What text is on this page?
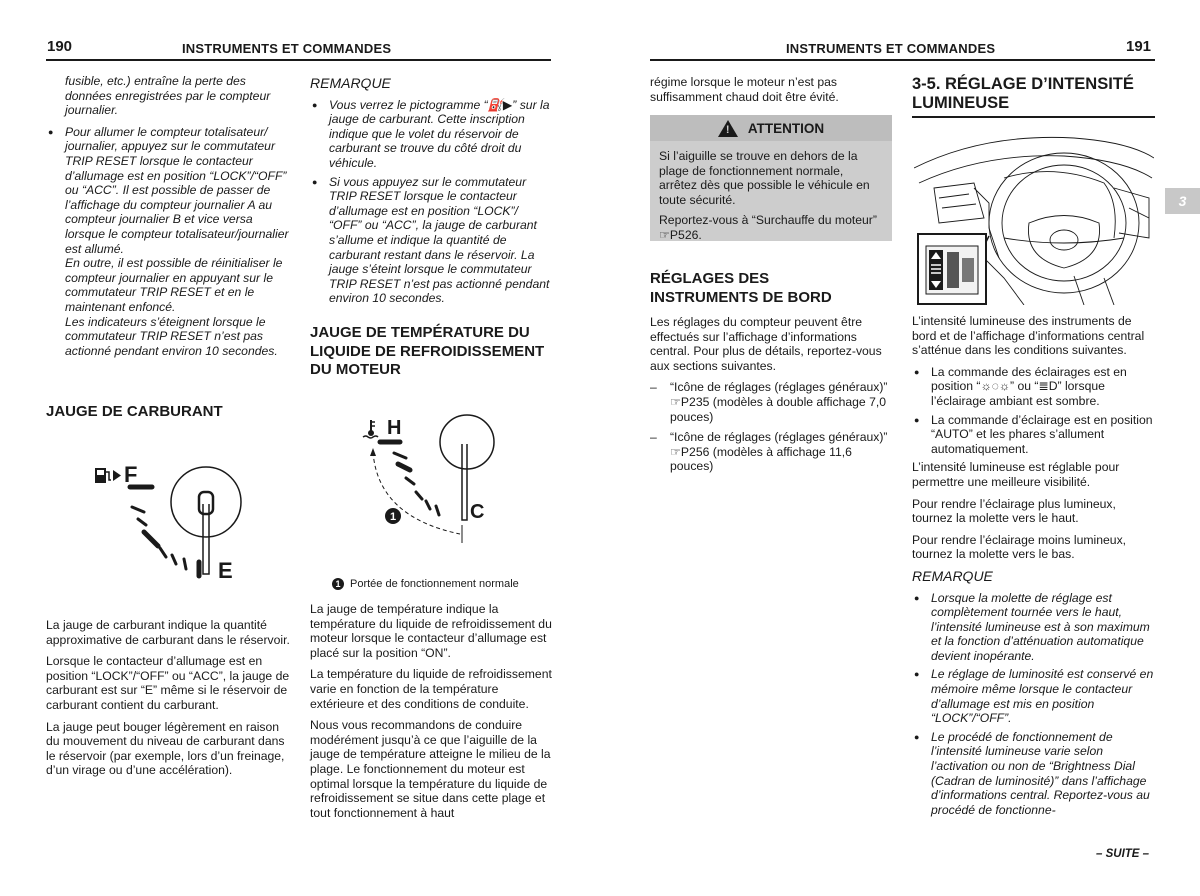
190	INSTRUMENTS ET COMMANDES

fusible, etc.) entraîne la perte des données enregistrées par le compteur journalier.

● Pour allumer le compteur totalisateur/ journalier, appuyez sur le commutateur TRIP RESET lorsque le contacteur d’allumage est en position “LOCK”/“OFF” ou “ACC”. Il est possible de passer de l’affichage du compteur journalier A au compteur journalier B et vice versa lorsque le compteur totalisateur/journalier est allumé.
En outre, il est possible de réinitialiser le compteur journalier en appuyant sur le commutateur TRIP RESET et en le maintenant enfoncé.
Les indicateurs s’éteignent lorsque le commutateur TRIP RESET n’est pas actionné pendant environ 10 secondes.
JAUGE DE CARBURANT
F
E

La jauge de carburant indique la quantité approximative de carburant dans le réservoir.

Lorsque le contacteur d’allumage est en position “LOCK”/“OFF” ou “ACC”, la jauge de carburant est sur “E” même si le réservoir de carburant contient du carburant.

La jauge peut bouger légèrement en raison du mouvement du niveau de carburant dans le réservoir (par exemple, lors d’un freinage, d’un virage ou d’une accélération).

REMARQUE

● Vous verrez le pictogramme “⛽▶” sur la jauge de carburant. Cette inscription indique que le volet du réservoir de carburant se trouve du côté droit du véhicule.
● Si vous appuyez sur le commutateur TRIP RESET lorsque le contacteur d’allumage est en position “LOCK”/ “OFF” ou “ACC”, la jauge de carburant s’allume et indique la quantité de carburant restant dans le réservoir. La jauge s’éteint lorsque le commutateur TRIP RESET n’est pas actionné pendant environ 10 secondes.
JAUGE DE TEMPÉRATURE DU LIQUIDE DE REFROIDISSEMENT DU MOTEUR
H
C
1
1 Portée de fonctionnement normale

La jauge de température indique la température du liquide de refroidissement du moteur lorsque le contacteur d’allumage est placé sur la position “ON”.

La température du liquide de refroidissement varie en fonction de la température extérieure et des conditions de conduite.

Nous vous recommandons de conduire modérément jusqu’à ce que l’aiguille de la jauge de température atteigne le milieu de la plage. Le fonctionnement du moteur est optimal lorsque la température du liquide de refroidissement se situe dans cette plage et tout fonctionnement à haut

INSTRUMENTS ET COMMANDES	191

régime lorsque le moteur n’est pas suffisamment chaud doit être évité.

! ATTENTION

Si l’aiguille se trouve en dehors de la plage de fonctionnement normale, arrêtez dès que possible le véhicule en toute sécurité.

Reportez-vous à “Surchauffe du moteur” ☞P526.

RÉGLAGES DES INSTRUMENTS DE BORD

Les réglages du compteur peuvent être effectués sur l’affichage d’informations central. Pour plus de détails, reportez-vous aux sections suivantes.

– “Icône de réglages (réglages généraux)” ☞P235 (modèles à double affichage 7,0 pouces)
– “Icône de réglages (réglages généraux)” ☞P256 (modèles à affichage 11,6 pouces)
3-5. RÉGLAGE D’INTENSITÉ LUMINEUSE

L’intensité lumineuse des instruments de bord et de l’affichage d’informations central s’atténue dans les conditions suivantes.

● La commande des éclairages est en position “☼◌☼” ou “≣D” lorsque l’éclairage ambiant est sombre.
● La commande d’éclairage est en position “AUTO” et les phares s’allument automatiquement.

L’intensité lumineuse est réglable pour permettre une meilleure visibilité.

Pour rendre l’éclairage plus lumineux, tournez la molette vers le haut.

Pour rendre l’éclairage moins lumineux, tournez la molette vers le bas.

REMARQUE

● Lorsque la molette de réglage est complètement tournée vers le haut, l’intensité lumineuse est à son maximum et la fonction d’atténuation automatique devient inopérante.
● Le réglage de luminosité est conservé en mémoire même lorsque le contacteur d’allumage est mis en position “LOCK”/“OFF”.
● Le procédé de fonctionnement de l’intensité lumineuse varie selon l’activation ou non de “Brightness Dial (Cadran de luminosité)” dans l’affichage d’informations central. Reportez-vous au procédé de fonctionne-
3
– SUITE –
